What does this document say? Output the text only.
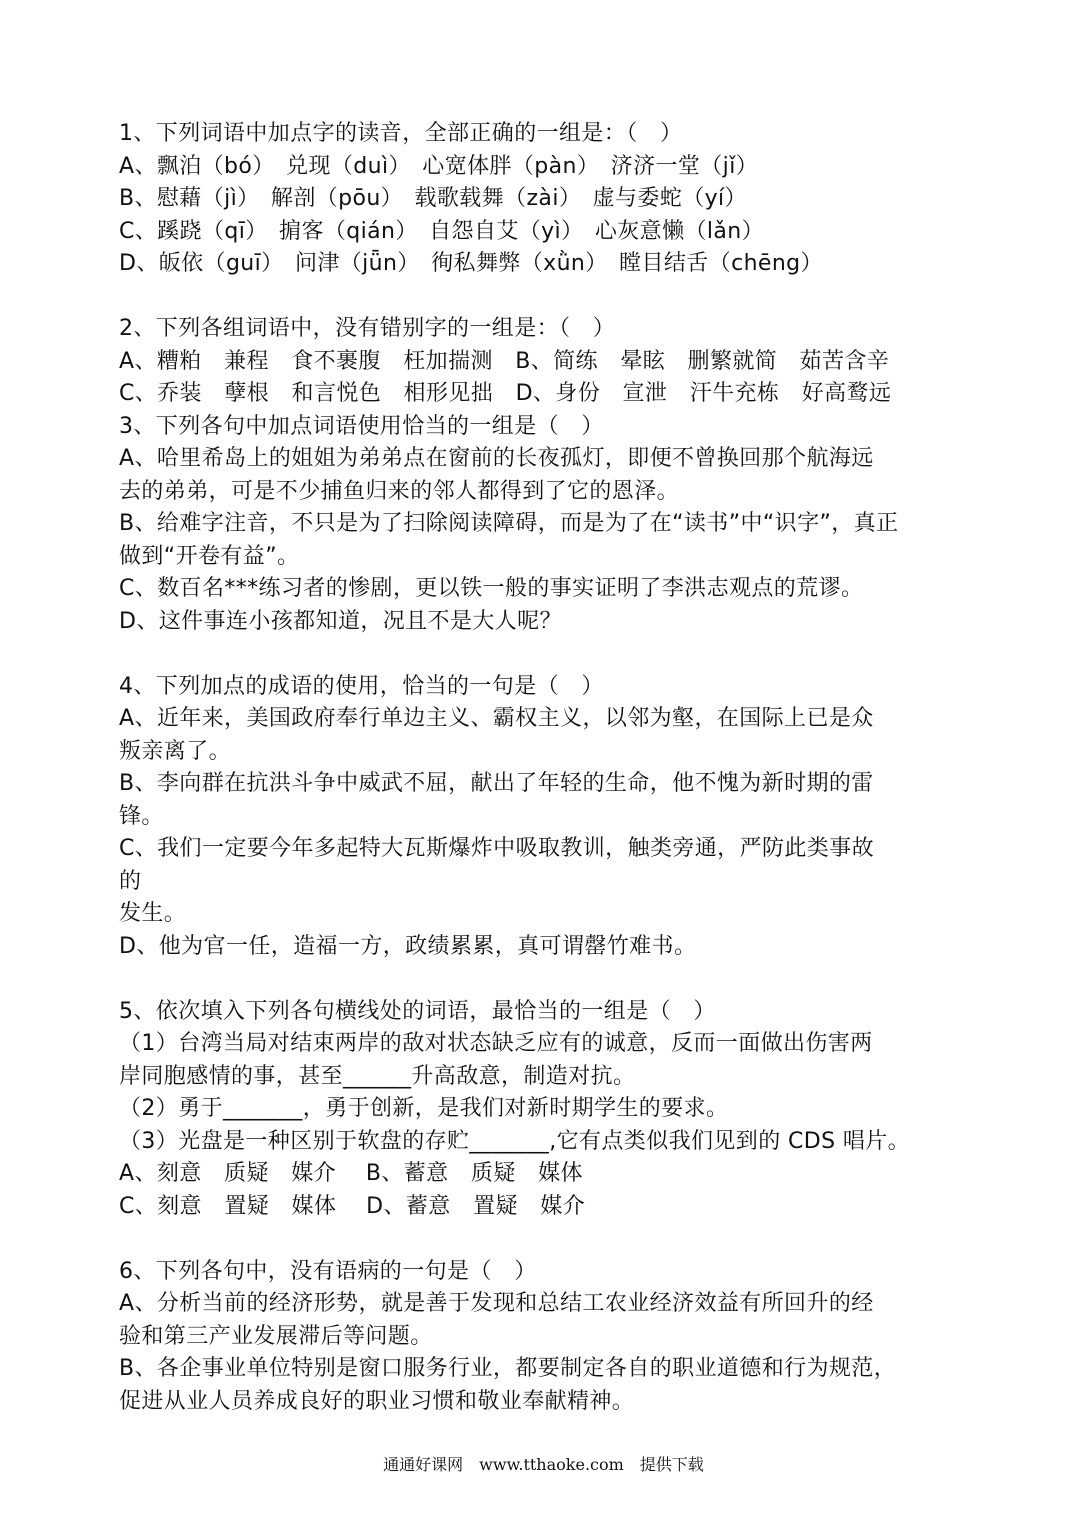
1、下列词语中加点字的读音，全部正确的一组是：（　）
A、飘泊（bó）　兑现（duì）　心宽体胖（pàn）　济济一堂（jǐ）
B、慰藉（jì）　解剖（pōu）　载歌载舞（zài）　虚与委蛇（yí）
C、蹊跷（qī）　掮客（qián）　自怨自艾（yì）　心灰意懒（lǎn）
D、皈依（guī）　问津（jǖn）　徇私舞弊（xǜn）　瞠目结舌（chēng）
2、下列各组词语中，没有错别字的一组是：（　）
A、糟粕　兼程　食不裹腹　枉加揣测　B、简练　晕眩　删繁就简　茹苦含辛
C、乔装　孽根　和言悦色　相形见拙　D、身份　宣泄　汗牛充栋　好高鹜远
3、下列各句中加点词语使用恰当的一组是（　）
A、哈里希岛上的姐姐为弟弟点在窗前的长夜孤灯，即便不曾换回那个航海远
去的弟弟，可是不少捕鱼归来的邻人都得到了它的恩泽。
B、给难字注音，不只是为了扫除阅读障碍，而是为了在“读书”中“识字”，真正
做到“开卷有益”。
C、数百名***练习者的惨剧，更以铁一般的事实证明了李洪志观点的荒谬。
D、这件事连小孩都知道，况且不是大人呢？
4、下列加点的成语的使用，恰当的一句是（　）
A、近年来，美国政府奉行单边主义、霸权主义，以邻为壑，在国际上已是众
叛亲离了。
B、李向群在抗洪斗争中威武不屈，献出了年轻的生命，他不愧为新时期的雷
锋。
C、我们一定要今年多起特大瓦斯爆炸中吸取教训，触类旁通，严防此类事故
的
发生。
D、他为官一任，造福一方，政绩累累，真可谓罄竹难书。
5、依次填入下列各句横线处的词语，最恰当的一组是（　）
（1）台湾当局对结束两岸的敌对状态缺乏应有的诚意，反而一面做出伤害两
岸同胞感情的事，甚至______升高敌意，制造对抗。
（2）勇于_______，勇于创新，是我们对新时期学生的要求。
（3）光盘是一种区别于软盘的存贮_______,它有点类似我们见到的 CDS 唱片。
A、刻意　质疑　媒介　 B、蓄意　质疑　媒体
C、刻意　置疑　媒体　 D、蓄意　置疑　媒介
6、下列各句中，没有语病的一句是（　）
A、分析当前的经济形势，就是善于发现和总结工农业经济效益有所回升的经
验和第三产业发展滞后等问题。
B、各企事业单位特别是窗口服务行业，都要制定各自的职业道德和行为规范，
促进从业人员养成良好的职业习惯和敬业奉献精神。
通通好课网　www.tthaoke.com　提供下载
